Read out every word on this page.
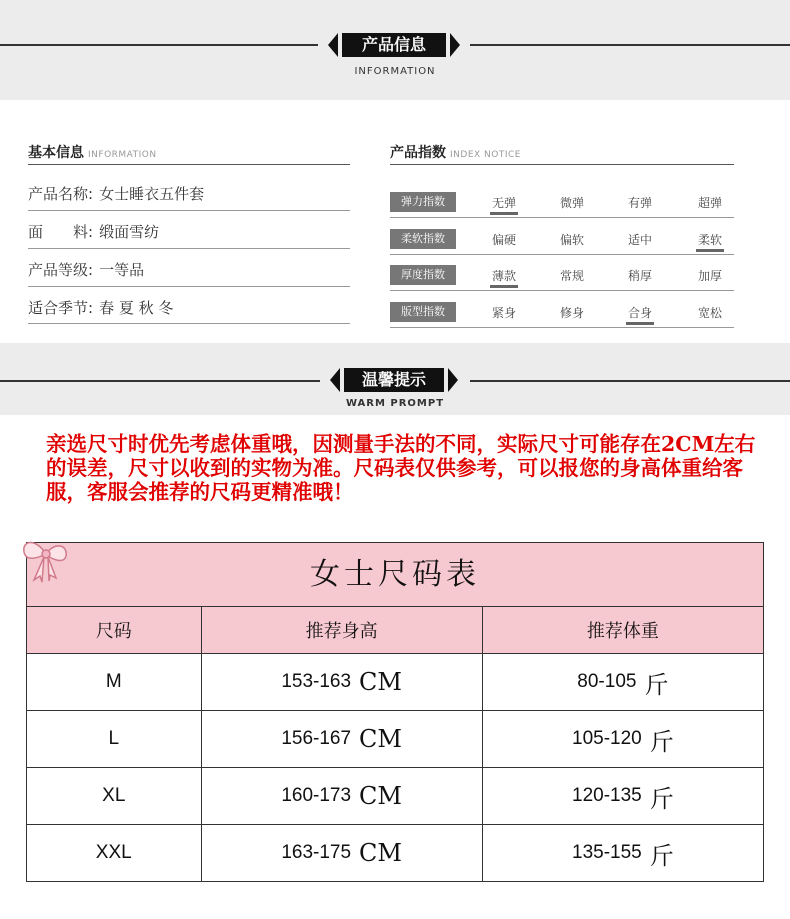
产品信息
INFORMATION
基本信息 INFORMATION
产品名称: 女士睡衣五件套
面　　料: 缎面雪纺
产品等级: 一等品
适合季节: 春 夏 秋 冬
产品指数 INDEX NOTICE
弹力指数	无弹	微弹	有弹	超弹
柔软指数	偏硬	偏软	适中	柔软
厚度指数	薄款	常规	稍厚	加厚
版型指数	紧身	修身	合身	宽松
温馨提示
WARM PROMPT
亲选尺寸时优先考虑体重哦，因测量手法的不同，实际尺寸可能存在2CM左右的误差，尺寸以收到的实物为准。尺码表仅供参考，可以报您的身高体重给客服，客服会推荐的尺码更精准哦！
女士尺码表
尺码	推荐身高	推荐体重
M	153-163 CM	80-105 斤
L	156-167 CM	105-120 斤
XL	160-173 CM	120-135 斤
XXL	163-175 CM	135-155 斤
